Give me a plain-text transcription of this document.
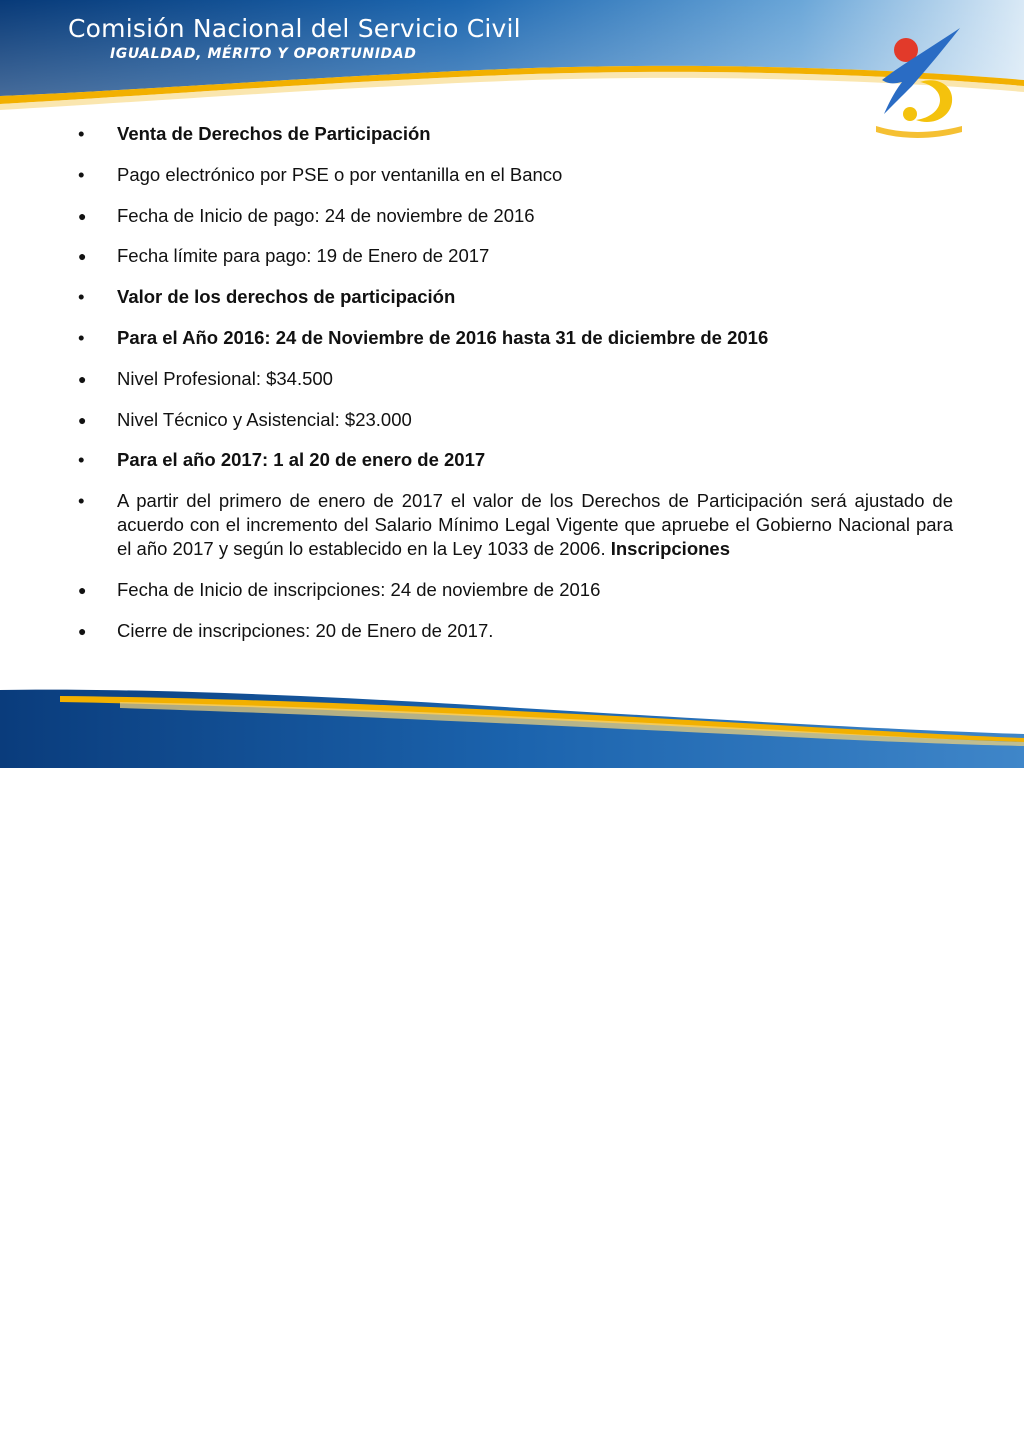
Comisión Nacional del Servicio Civil
IGUALDAD, MÉRITO Y OPORTUNIDAD
•	Venta de Derechos de Participación
•	Pago electrónico por PSE o por ventanilla en el Banco
●	Fecha de Inicio de pago: 24 de noviembre de 2016
●	Fecha límite para pago: 19 de Enero de 2017
•	Valor de los derechos de participación
•	Para el Año 2016: 24 de Noviembre de 2016 hasta 31 de diciembre de 2016
●	Nivel Profesional: $34.500
●	Nivel Técnico y Asistencial: $23.000
•	Para el año 2017: 1 al 20 de enero de 2017
•	A partir del primero de enero de 2017 el valor de los Derechos de Participación será ajustado de acuerdo con el incremento del Salario Mínimo Legal Vigente que apruebe el Gobierno Nacional para el año 2017 y según lo establecido en la Ley 1033 de 2006. Inscripciones
●	Fecha de Inicio de inscripciones: 24 de noviembre de 2016
●	Cierre de inscripciones: 20 de Enero de 2017.
www.cnsc.gov.co
